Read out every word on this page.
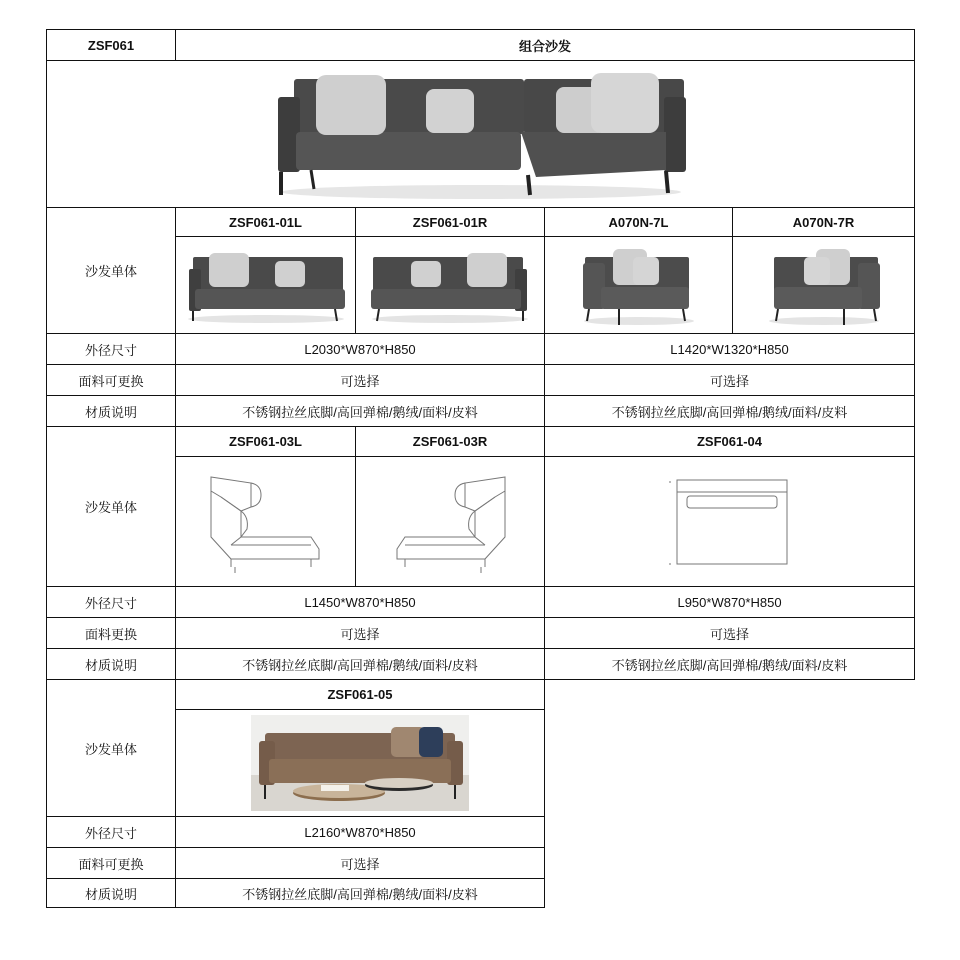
ZSF061	组合沙发			

沙发单体	ZSF061-01L	ZSF061-01R	A070N-7L	A070N-7R

外径尺寸	L2030*W870*H850		L1420*W1320*H850	
面料可更换	可选择		可选择	
材质说明	不锈钢拉丝底脚/高回弹棉/鹅绒/面料/皮料		不锈钢拉丝底脚/高回弹棉/鹅绒/面料/皮料	
沙发单体	ZSF061-03L	ZSF061-03R	ZSF061-04	

外径尺寸	L1450*W870*H850		L950*W870*H850	
面料更换	可选择		可选择	
材质说明	不锈钢拉丝底脚/高回弹棉/鹅绒/面料/皮料		不锈钢拉丝底脚/高回弹棉/鹅绒/面料/皮料	
沙发单体	ZSF061-05			

外径尺寸	L2160*W870*H850			
面料可更换	可选择			
材质说明	不锈钢拉丝底脚/高回弹棉/鹅绒/面料/皮料			
